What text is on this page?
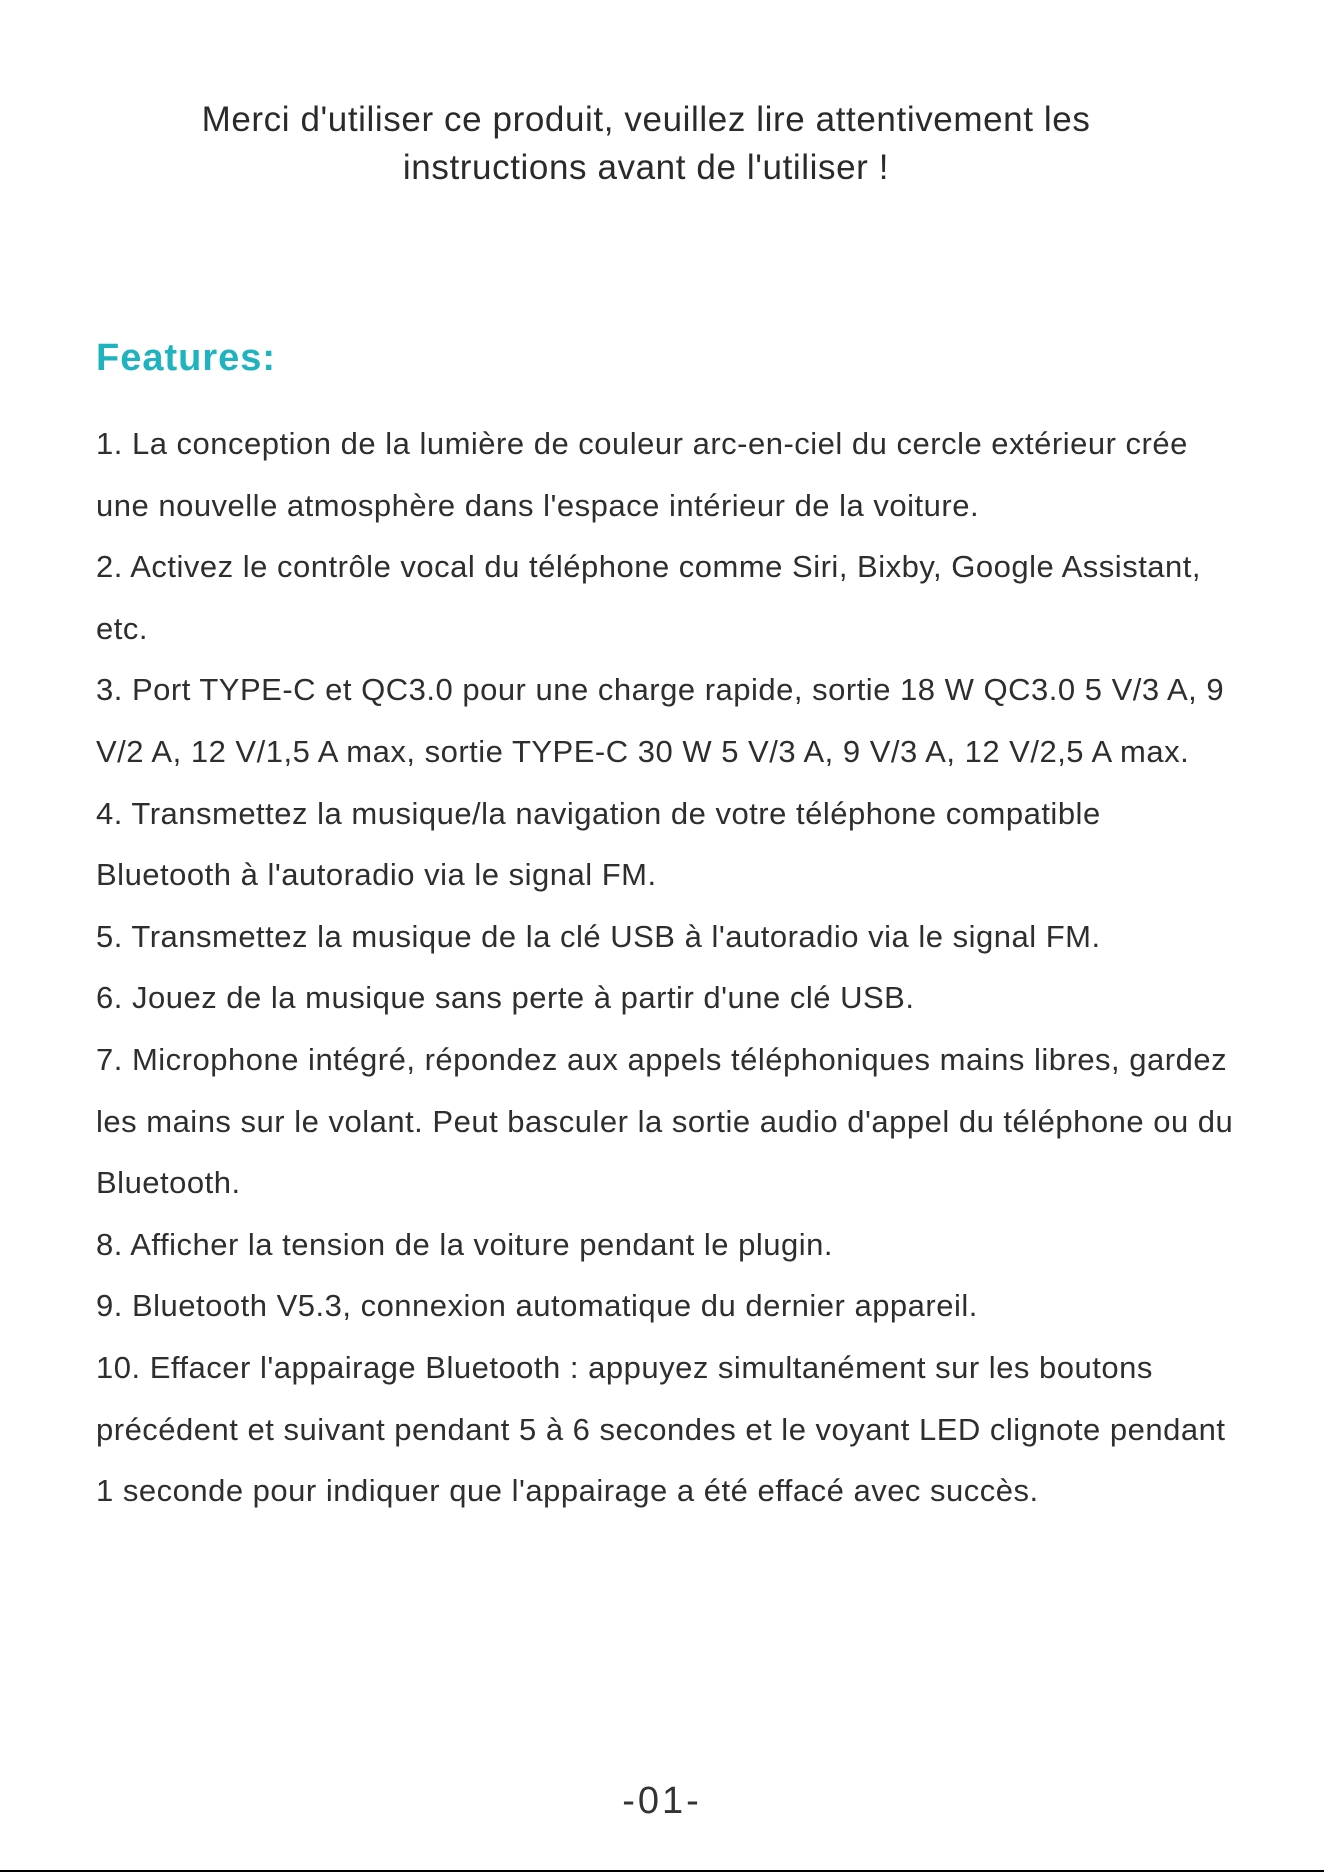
Merci d'utiliser ce produit, veuillez lire attentivement les
instructions avant de l'utiliser !
Features:
1. La conception de la lumière de couleur arc-en-ciel du cercle extérieur crée une nouvelle atmosphère dans l'espace intérieur de la voiture.
2. Activez le contrôle vocal du téléphone comme Siri, Bixby, Google Assistant, etc.
3. Port TYPE-C et QC3.0 pour une charge rapide, sortie 18 W QC3.0 5 V/3 A, 9 V/2 A, 12 V/1,5 A max, sortie TYPE-C 30 W 5 V/3 A, 9 V/3 A, 12 V/2,5 A max.
4. Transmettez la musique/la navigation de votre téléphone compatible Bluetooth à l'autoradio via le signal FM.
5. Transmettez la musique de la clé USB à l'autoradio via le signal FM.
6. Jouez de la musique sans perte à partir d'une clé USB.
7. Microphone intégré, répondez aux appels téléphoniques mains libres, gardez les mains sur le volant. Peut basculer la sortie audio d'appel du téléphone ou du Bluetooth.
8. Afficher la tension de la voiture pendant le plugin.
9. Bluetooth V5.3, connexion automatique du dernier appareil.
10. Effacer l'appairage Bluetooth : appuyez simultanément sur les boutons précédent et suivant pendant 5 à 6 secondes et le voyant LED clignote pendant 1 seconde pour indiquer que l'appairage a été effacé avec succès.
-01-
